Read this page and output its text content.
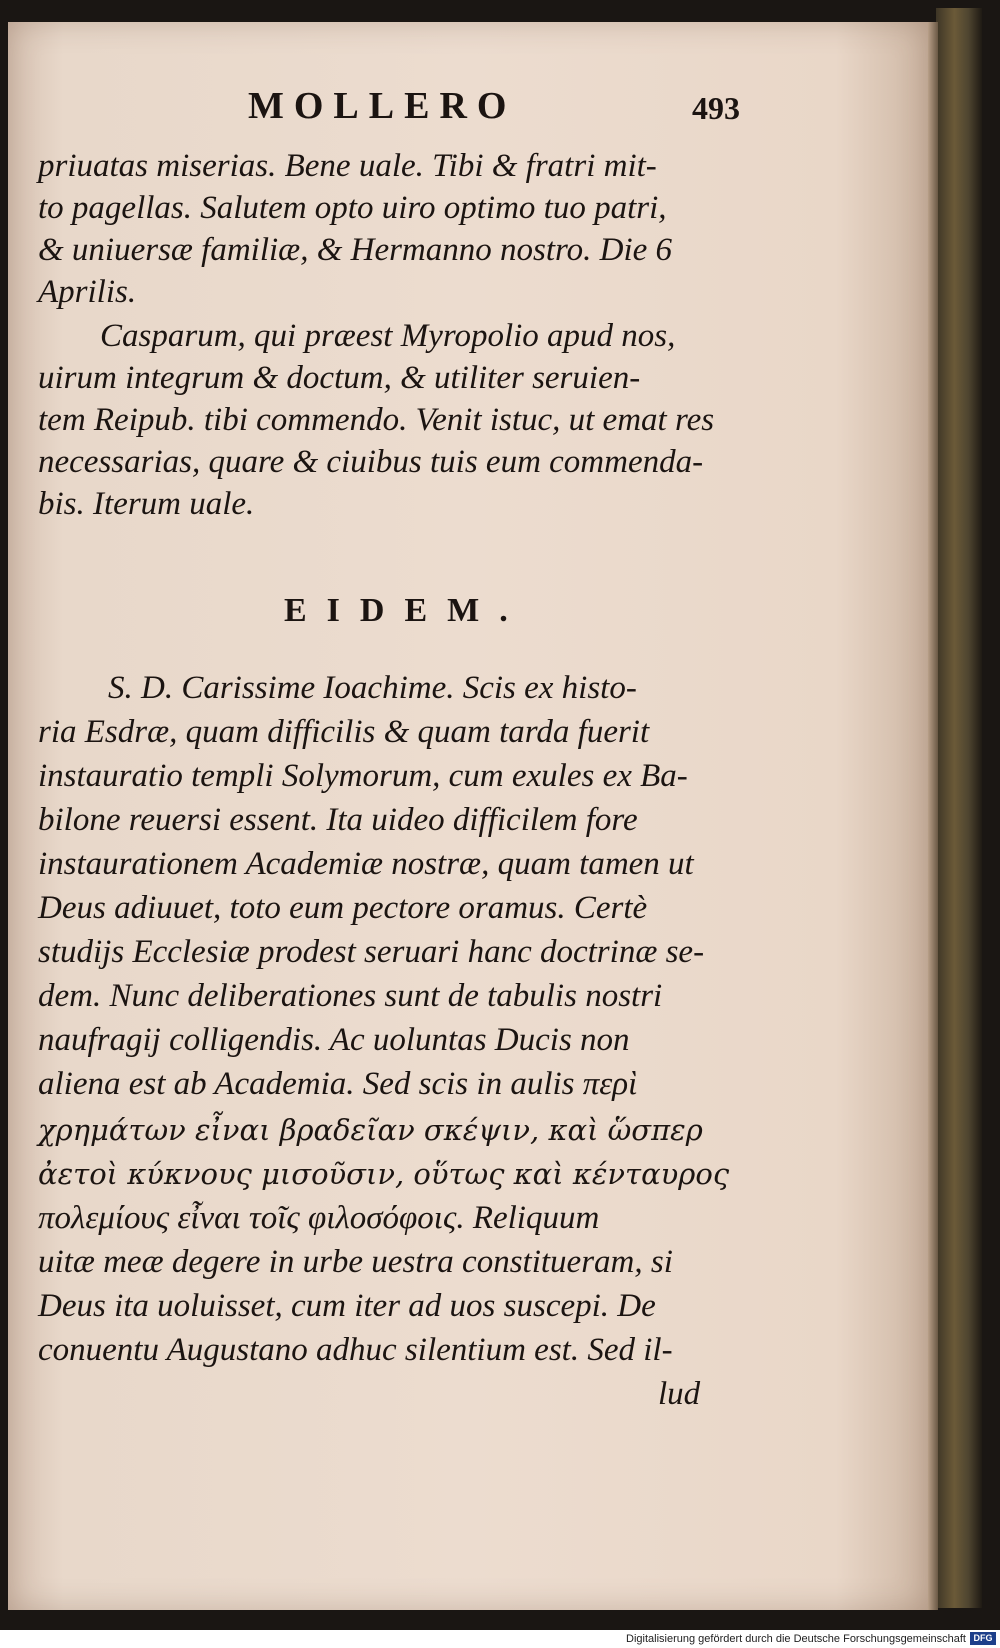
MOLLERO	493
priuatas miserias. Bene uale. Tibi & fratri mit-
to pagellas. Salutem opto uiro optimo tuo patri,
& uniuersæ familiæ, & Hermanno nostro. Die 6
Aprilis.
Casparum, qui præest Myropolio apud nos,
uirum integrum & doctum, & utiliter seruien-
tem Reipub. tibi commendo. Venit istuc, ut emat res
necessarias, quare & ciuibus tuis eum commenda-
bis. Iterum uale.
EIDEM.
S. D. Carissime Ioachime. Scis ex histo-
ria Esdræ, quam difficilis & quam tarda fuerit
instauratio templi Solymorum, cum exules ex Ba-
bilone reuersi essent. Ita uideo difficilem fore
instaurationem Academiæ nostræ, quam tamen ut
Deus adiuuet, toto eum pectore oramus. Certè
studijs Ecclesiæ prodest seruari hanc doctrinæ se-
dem. Nunc deliberationes sunt de tabulis nostri
naufragij colligendis. Ac uoluntas Ducis non
aliena est ab Academia. Sed scis in aulis περὶ
χρημάτων εἶναι βραδεῖαν σκέψιν, καὶ ὥσπερ
ἀετοὶ κύκνους μισοῦσιν, οὕτως καὶ κένταυρος
πολεμίους εἶναι τοῖς φιλοσόφοις. Reliquum
uitæ meæ degere in urbe uestra constitueram, si
Deus ita uoluisset, cum iter ad uos suscepi. De
conuentu Augustano adhuc silentium est. Sed il-
lud
Digitalisierung gefördert durch die Deutsche Forschungsgemeinschaft DFG
